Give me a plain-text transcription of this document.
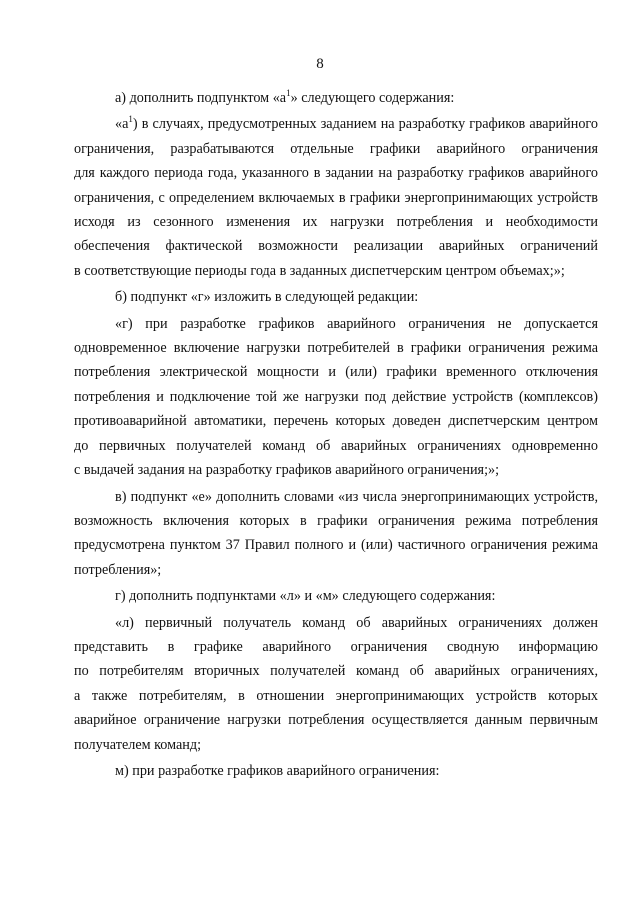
8

а) дополнить подпунктом «$а^1$» следующего содержания:

«$а^1$) в случаях, предусмотренных заданием на разработку графиков аварийного
ограничения, разрабатываются отдельные графики аварийного ограничения
для каждого периода года, указанного в задании на разработку графиков аварийного
ограничения, с определением включаемых в графики энергопринимающих устройств
исходя из сезонного изменения их нагрузки потребления и необходимости
обеспечения фактической возможности реализации аварийных ограничений
в соответствующие периоды года в заданных диспетчерским центром объемах;»;

б) подпункт «г» изложить в следующей редакции:

«г) при разработке графиков аварийного ограничения не допускается
одновременное включение нагрузки потребителей в графики ограничения режима
потребления электрической мощности и (или) графики временного отключения
потребления и подключение той же нагрузки под действие устройств (комплексов)
противоаварийной автоматики, перечень которых доведен диспетчерским центром
до первичных получателей команд об аварийных ограничениях одновременно
с выдачей задания на разработку графиков аварийного ограничения;»;
в) подпункт «е» дополнить словами «из числа энергопринимающих устройств,
возможность включения которых в графики ограничения режима потребления
предусмотрена пунктом 37 Правил полного и (или) частичного ограничения режима
потребления»;

г) дополнить подпунктами «л» и «м» следующего содержания:

«л) первичный получатель команд об аварийных ограничениях должен
представить в графике аварийного ограничения сводную информацию
по потребителям вторичных получателей команд об аварийных ограничениях,
а также потребителям, в отношении энергопринимающих устройств которых
аварийное ограничение нагрузки потребления осуществляется данным первичным
получателем команд;

м) при разработке графиков аварийного ограничения:
